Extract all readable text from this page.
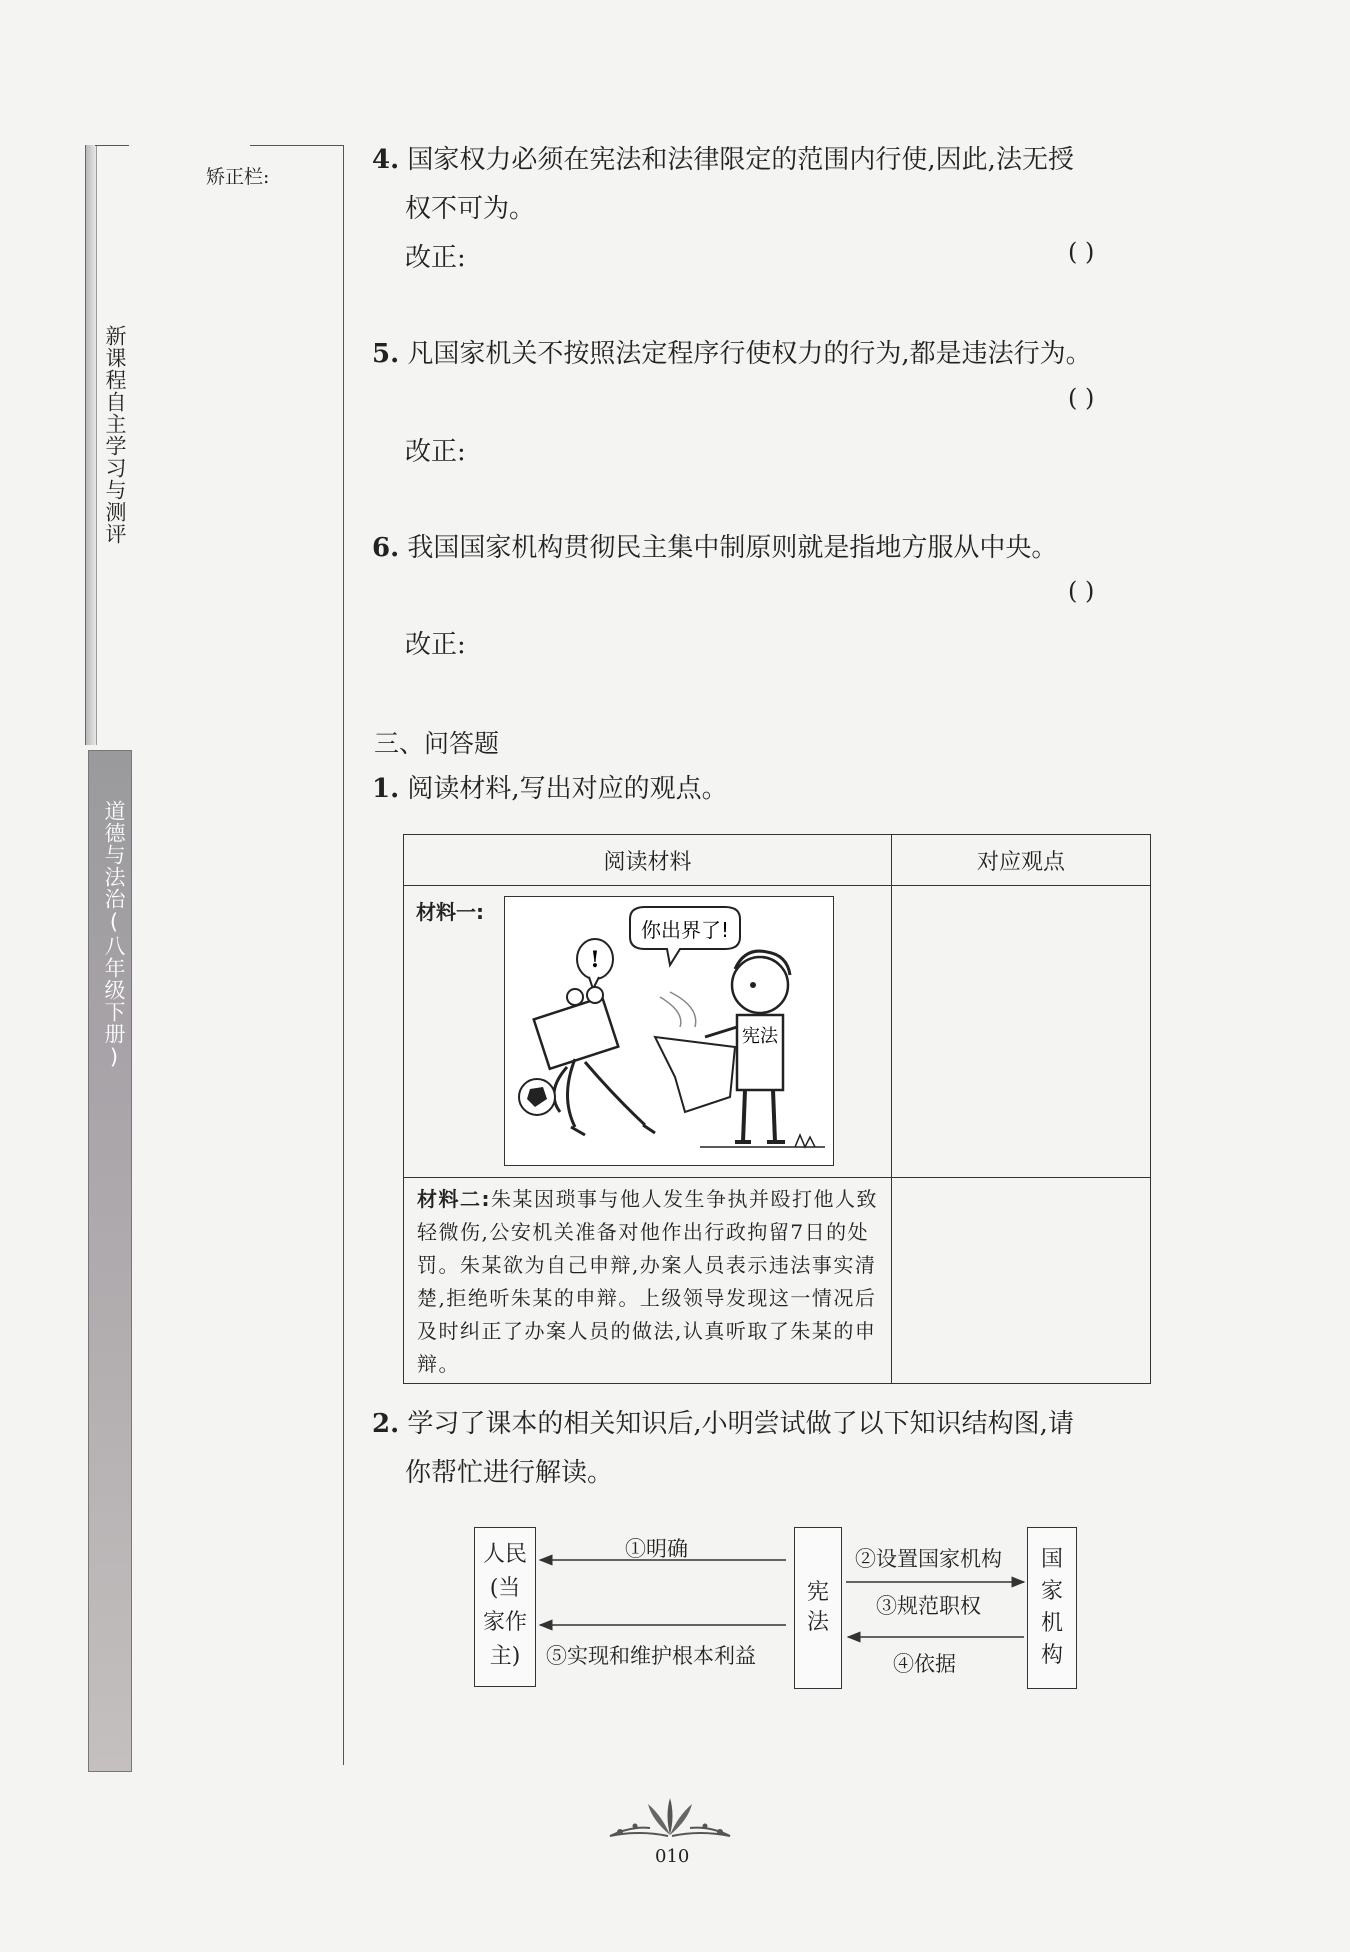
新课程自主学习与测评
道德与法治(八年级下册)
矫正栏:
4. 国家权力必须在宪法和法律限定的范围内行使,因此,法无授
权不可为。
改正:	( )
5. 凡国家机关不按照法定程序行使权力的行为,都是违法行为。
( )
改正:
6. 我国国家机构贯彻民主集中制原则就是指地方服从中央。
( )
改正:
三、问答题
1. 阅读材料,写出对应的观点。
阅读材料	对应观点

材料一:
你出界了!
!
宪法	

材料二:朱某因琐事与他人发生争执并殴打他人致轻微伤,公安机关准备对他作出行政拘留7日的处罚。朱某欲为自己申辩,办案人员表示违法事实清楚,拒绝听朱某的申辩。上级领导发现这一情况后及时纠正了办案人员的做法,认真听取了朱某的申辩。	

2. 学习了课本的相关知识后,小明尝试做了以下知识结构图,请
你帮忙进行解读。
人民
(当
家作
主)
宪
法
国
家
机
构
①明确	②设置国家机构
③规范职权
④依据
⑤实现和维护根本利益
010
